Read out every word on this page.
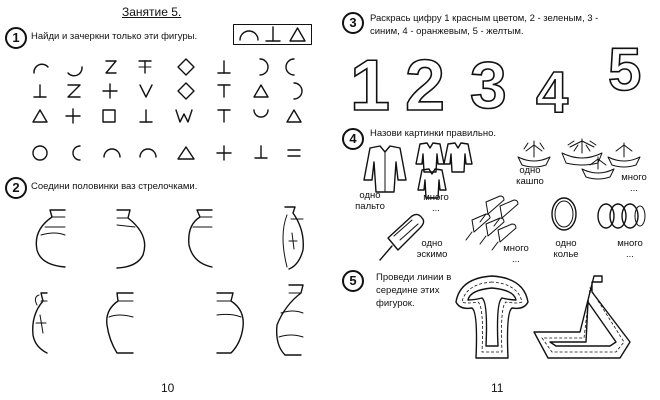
Занятие 5.
1	Найди и зачеркни только эти фигуры.
2	Соедини половинки ваз стрелочками.
10
3	Раскрась цифру 1 красным цветом, 2 - зеленым, 3 -
синим, 4 - оранжевым, 5 - желтым.
1 2 3 4 5
4	Назови картинки правильно.
одно
пальто
много
...
одно
кашпо	много
...
одно
эскимо
много
...
одно
колье
много
...
5	Проведи линии в
середине этих
фигурок.
11
